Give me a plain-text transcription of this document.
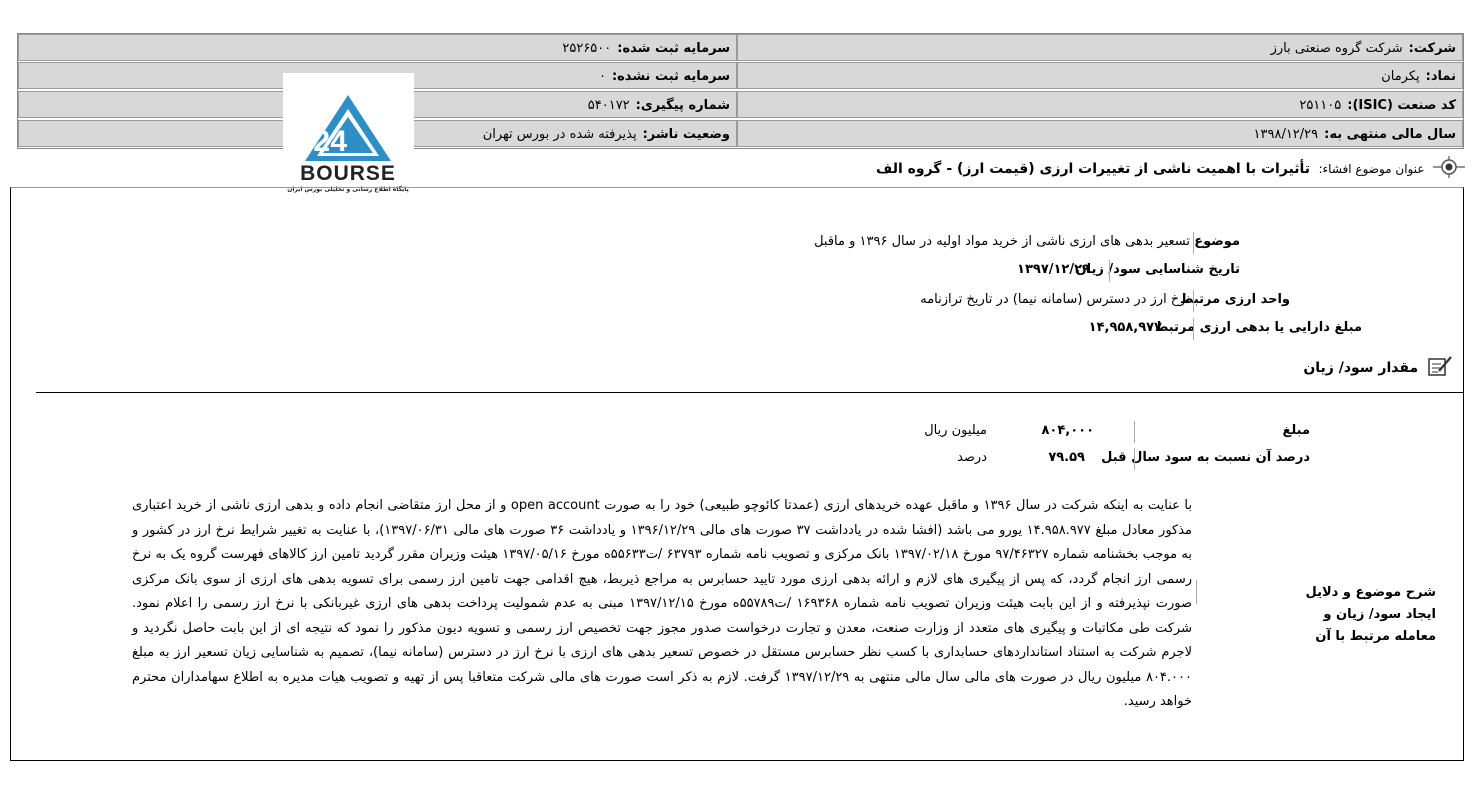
شرکت:شرکت گروه صنعتی بارز
سرمایه ثبت شده:۲۵۲۶۵۰۰
نماد:پکرمان
سرمایه ثبت نشده:۰
کد صنعت (ISIC):۲۵۱۱۰۵
شماره پیگیری:۵۴۰۱۷۲
سال مالی منتهی به:۱۳۹۸/۱۲/۲۹
وضعیت ناشر:پذیرفته شده در بورس تهران
2 4
BOURSE
پایگاه اطلاع رسانی و تحلیلی بورس ایران
عنوان موضوع افشاء: تأثیرات با اهمیت ناشی از تغییرات ارزی (قیمت ارز) - گروه الف
موضوع
تسعیر بدهی های ارزی ناشی از خرید مواد اولیه در سال ۱۳۹۶ و ماقبل
تاریخ شناسایی سود/ زیان
۱۳۹۷/۱۲/۲۹
واحد ارزی مرتبط
نرخ ارز در دسترس (سامانه نیما) در تاریخ ترازنامه
مبلغ دارایی یا بدهی ارزی مرتبط
۱۴,۹۵۸,۹۷۷
مقدار سود/ زیان
مبلغ
۸۰۴,۰۰۰
میلیون ریال
درصد آن نسبت به سود سال قبل
۷۹.۵۹
درصد
شرح موضوع و دلایل ایجاد سود/ زیان و معامله مرتبط با آن
با عنایت به اینکه شرکت در سال ۱۳۹۶ و ماقبل عهده خریدهای ارزی (عمدتا کائوچو طبیعی) خود را به صورت open account و از محل ارز متقاضی انجام داده و بدهی ارزی ناشی از خرید اعتباری مذکور معادل مبلغ ۱۴.۹۵۸.۹۷۷ یورو می باشد (افشا شده در یادداشت ۳۷ صورت های مالی ۱۳۹۶/۱۲/۲۹ و یادداشت ۳۶ صورت های مالی ۱۳۹۷/۰۶/۳۱)، با عنایت به تغییر شرایط نرخ ارز در کشور و به موجب بخشنامه شماره ۹۷/۴۶۳۲۷ مورخ ۱۳۹۷/۰۲/۱۸ بانک مرکزی و تصویب نامه شماره ۶۳۷۹۳ /ت۵۵۶۳۳ه مورخ ۱۳۹۷/۰۵/۱۶ هیئت وزیران مقرر گردید تامین ارز کالاهای فهرست گروه یک به نرخ رسمی ارز انجام گردد، که پس از پیگیری های لازم و ارائه بدهی ارزی مورد تایید حسابرس به مراجع ذیربط، هیچ اقدامی جهت تامین ارز رسمی برای تسویه بدهی های ارزی از سوی بانک مرکزی صورت نپذیرفته و از این بابت هیئت وزیران تصویب نامه شماره ۱۶۹۳۶۸ /ت۵۵۷۸۹ه مورخ ۱۳۹۷/۱۲/۱۵ مبنی به عدم شمولیت پرداخت بدهی های ارزی غیربانکی با نرخ ارز رسمی را اعلام نمود. شرکت طی مکاتبات و پیگیری های متعدد از وزارت صنعت، معدن و تجارت درخواست صدور مجوز جهت تخصیص ارز رسمی و تسویه دیون مذکور را نمود که نتیجه ای از این بابت حاصل نگردید و لاجرم شرکت به استناد استانداردهای حسابداری با کسب نظر حسابرس مستقل در خصوص تسعیر بدهی های ارزی با نرخ ارز در دسترس (سامانه نیما)، تصمیم به شناسایی زیان تسعیر ارز به مبلغ ۸۰۴.۰۰۰ میلیون ریال در صورت های مالی سال مالی منتهی به ۱۳۹۷/۱۲/۲۹ گرفت. لازم به ذکر است صورت های مالی شرکت متعاقبا پس از تهیه و تصویب هیات مدیره به اطلاع سهامداران محترم خواهد رسید.
